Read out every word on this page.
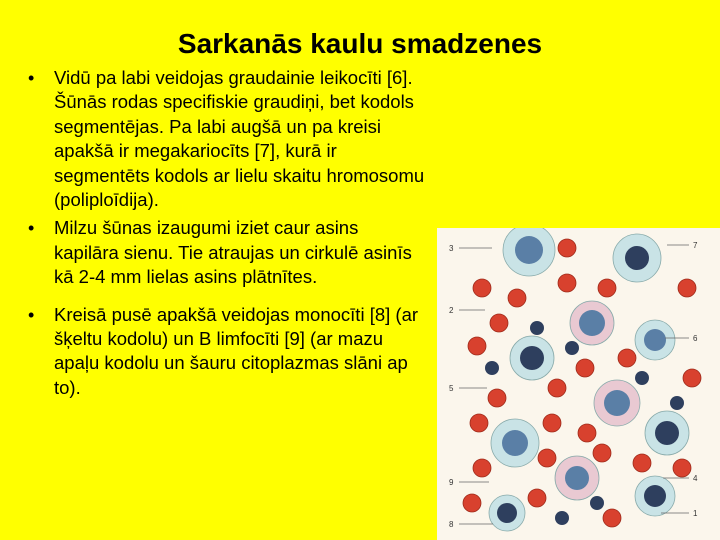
Sarkanās kaulu smadzenes
• Vidū pa labi veidojas graudainie leikocīti [6]. Šūnās rodas specifiskie graudiņi, bet kodols segmentējas. Pa labi augšā un pa kreisi apakšā ir megakariocīts [7], kurā ir segmentēts kodols ar lielu skaitu hromosomu (poliploīdija).
• Milzu šūnas izaugumi iziet caur asins kapilāra sienu. Tie atraujas un cirkulē asinīs kā 2-4 mm lielas asins plātnītes.
• Kreisā pusē apakšā veidojas monocīti [8] (ar šķeltu kodolu) un B limfocīti [9] (ar mazu apaļu kodolu un šauru citoplazmas slāni ap to).
3
2
5
9
8
7
6
4
1
